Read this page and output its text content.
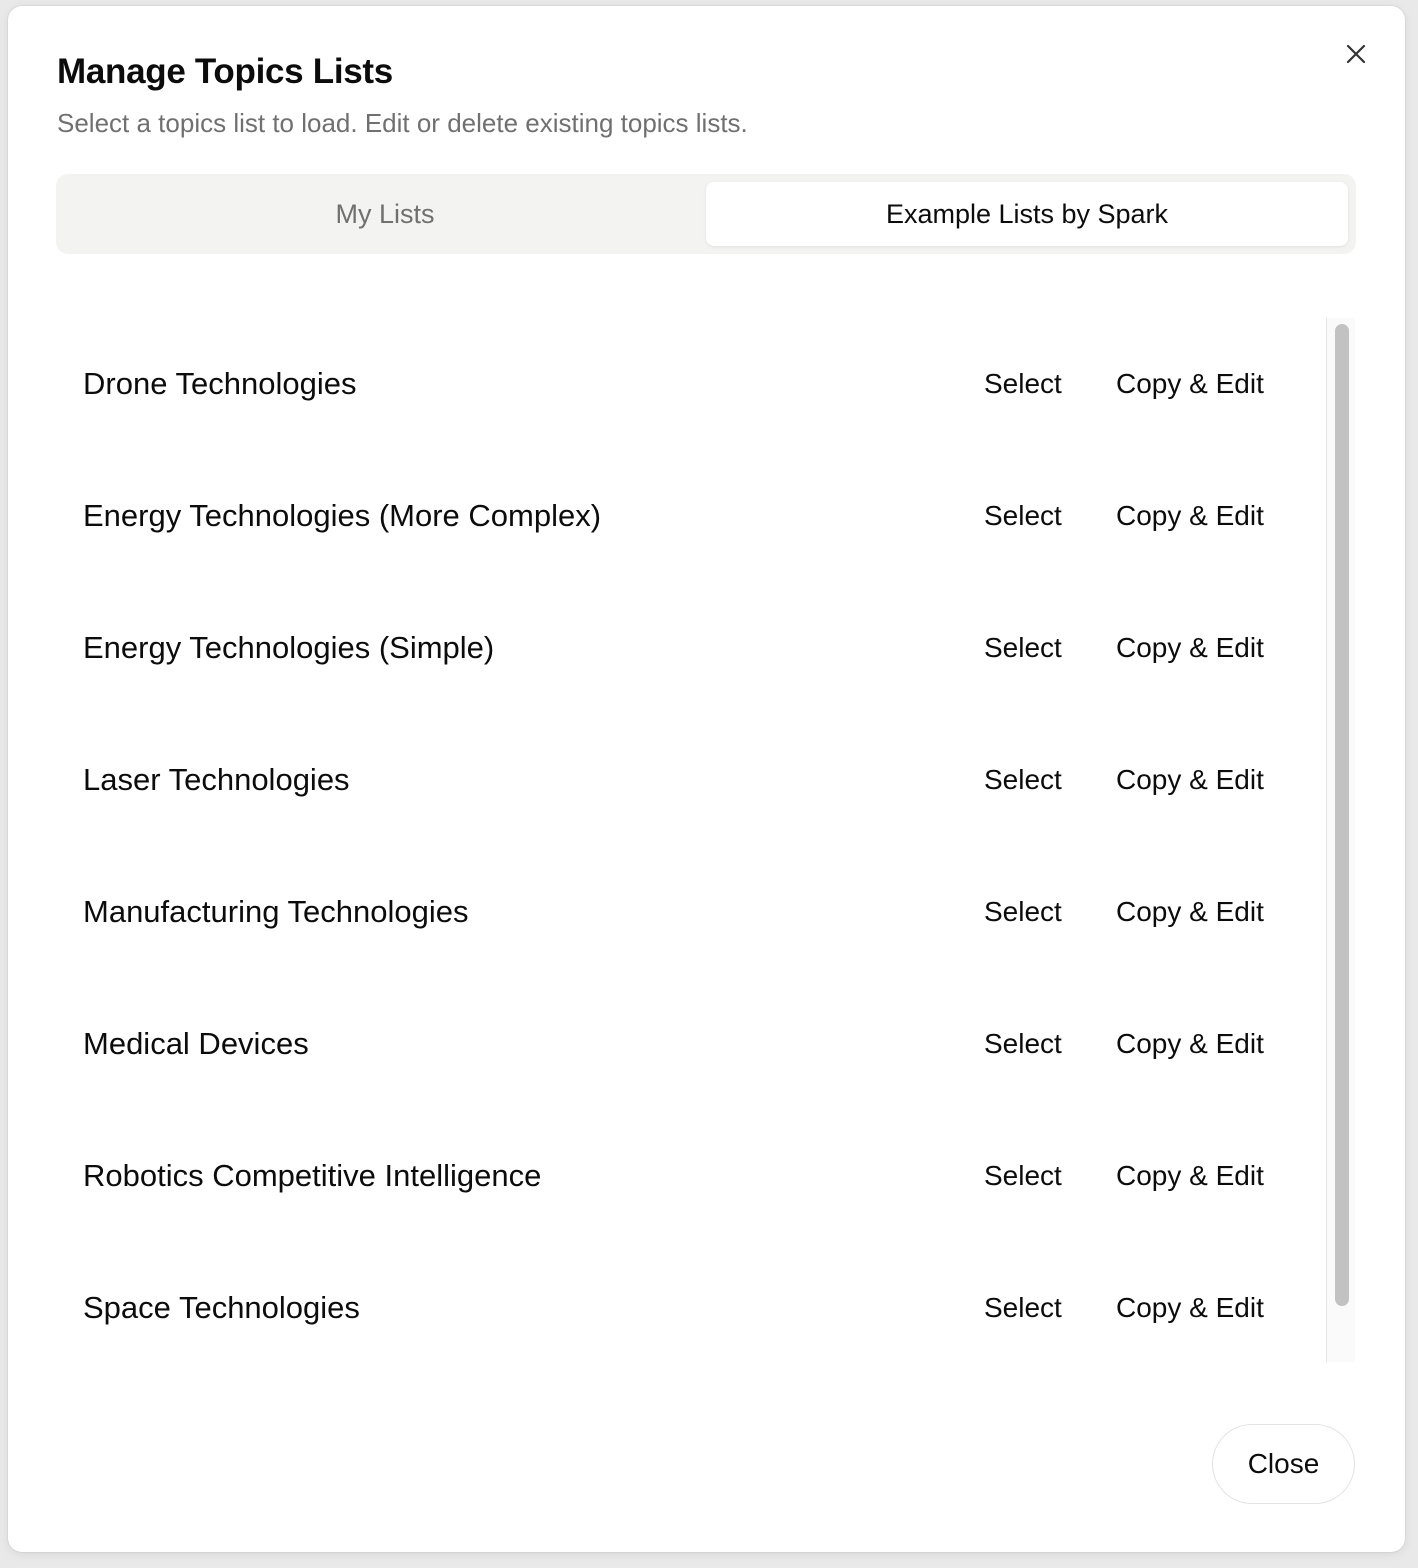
Manage Topics Lists
Select a topics list to load. Edit or delete existing topics lists.
My Lists	Example Lists by Spark
Drone Technologies	Select Copy & Edit
Energy Technologies (More Complex)	Select Copy & Edit
Energy Technologies (Simple)	Select Copy & Edit
Laser Technologies	Select Copy & Edit
Manufacturing Technologies	Select Copy & Edit
Medical Devices	Select Copy & Edit
Robotics Competitive Intelligence	Select Copy & Edit
Space Technologies	Select Copy & Edit
Close
